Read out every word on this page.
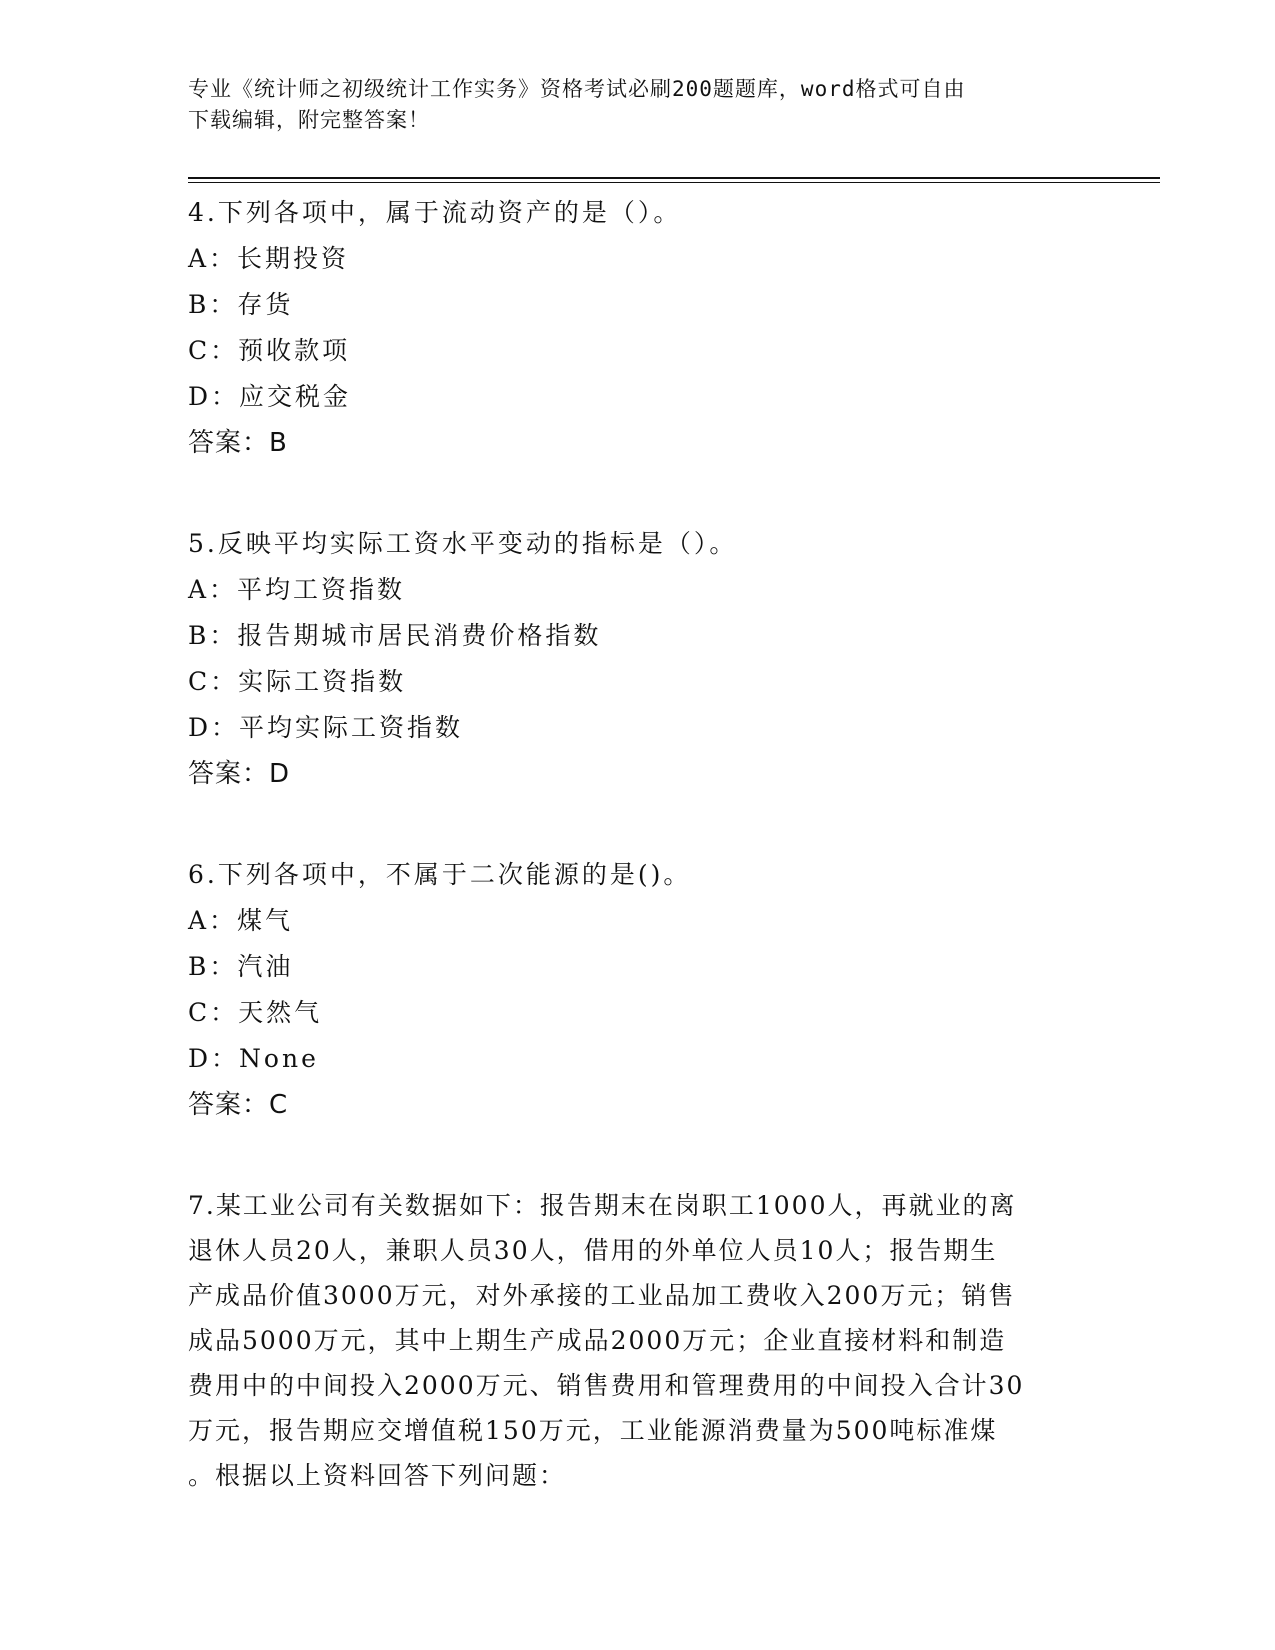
专业《统计师之初级统计工作实务》资格考试必刷200题题库，word格式可自由
下载编辑，附完整答案！
4.下列各项中，属于流动资产的是（）。
A：长期投资
B：存货
C：预收款项
D：应交税金
答案：B
5.反映平均实际工资水平变动的指标是（）。
A：平均工资指数
B：报告期城市居民消费价格指数
C：实际工资指数
D：平均实际工资指数
答案：D
6.下列各项中，不属于二次能源的是()。
A：煤气
B：汽油
C：天然气
D：None
答案：C
7.某工业公司有关数据如下：报告期末在岗职工1000人，再就业的离
退休人员20人，兼职人员30人，借用的外单位人员10人；报告期生
产成品价值3000万元，对外承接的工业品加工费收入200万元；销售
成品5000万元，其中上期生产成品2000万元；企业直接材料和制造
费用中的中间投入2000万元、销售费用和管理费用的中间投入合计30
万元，报告期应交增值税150万元，工业能源消费量为500吨标准煤
。根据以上资料回答下列问题：
